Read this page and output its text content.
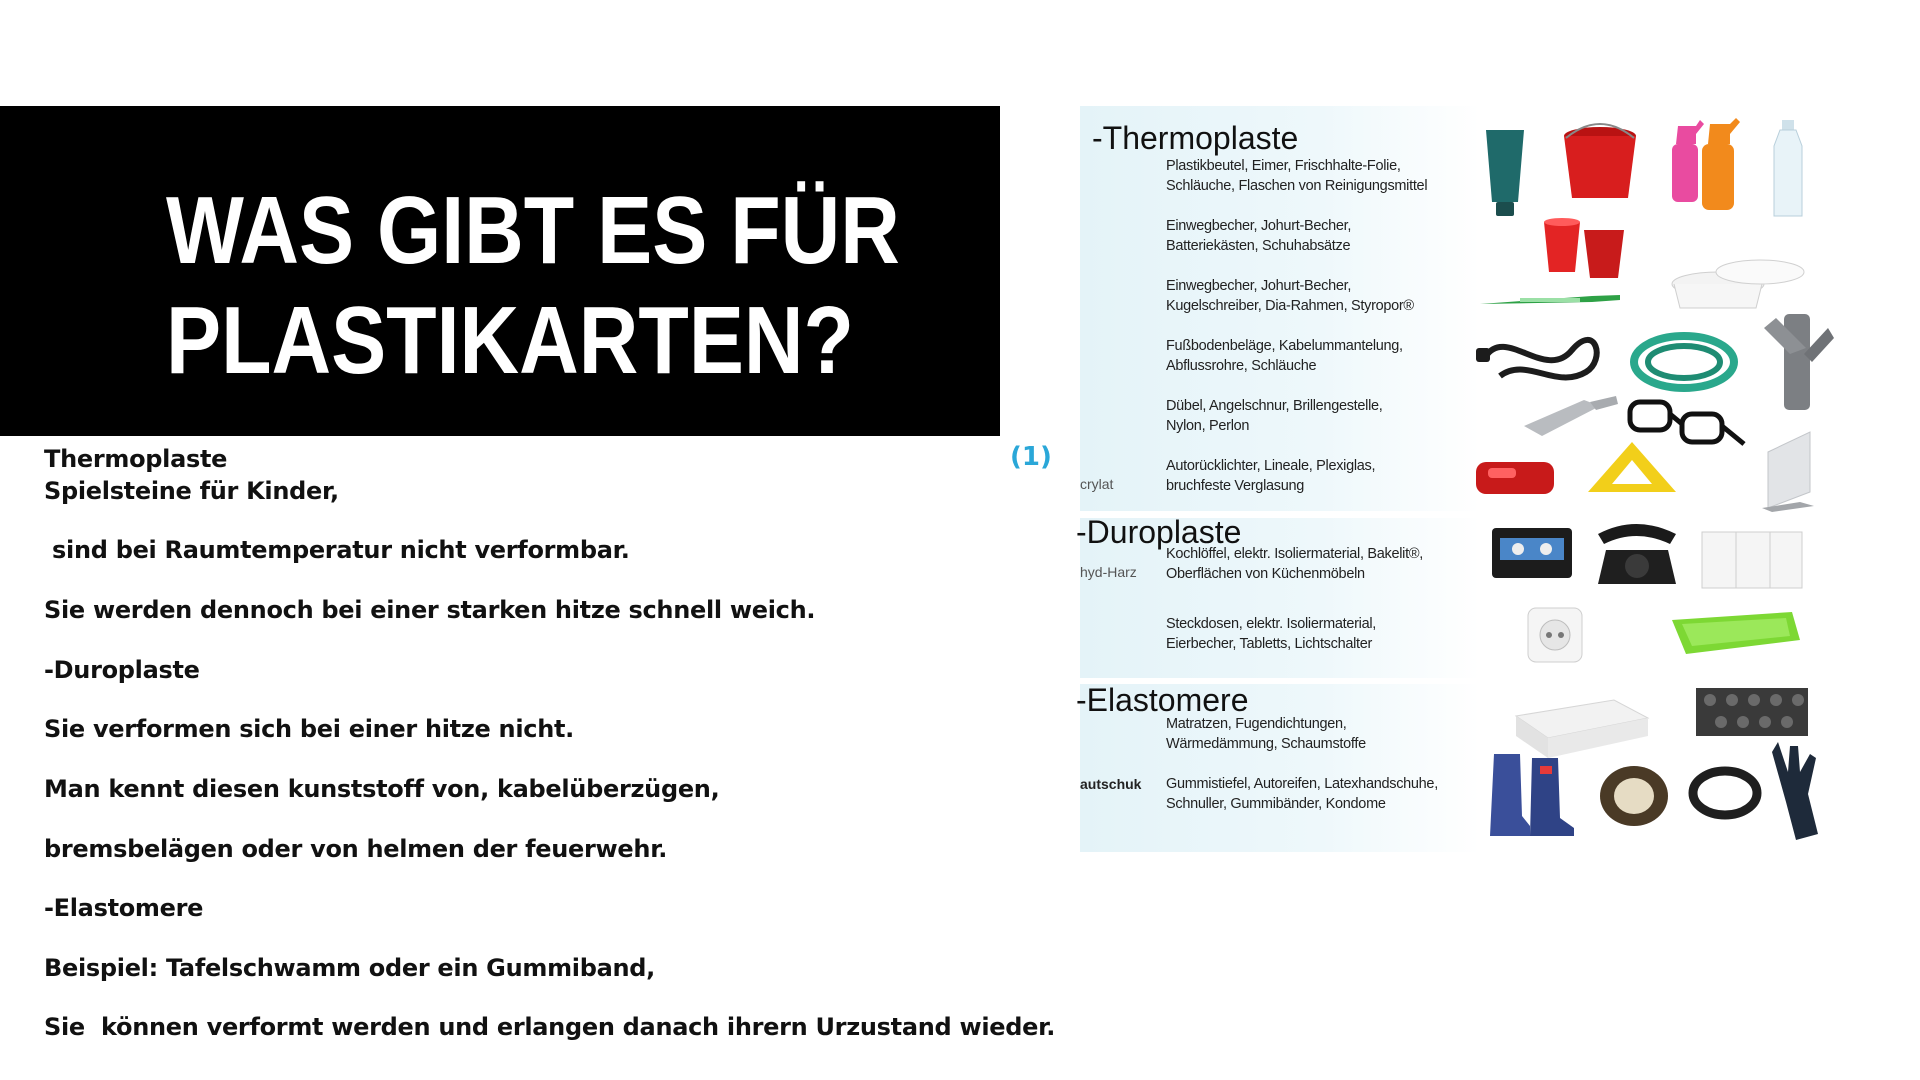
WAS GIBT ES FÜR
PLASTIKARTEN?

Thermoplaste

Spielsteine für Kinder,

sind bei Raumtemperatur nicht verformbar.

Sie werden dennoch bei einer starken hitze schnell weich.

-Duroplaste

Sie verformen sich bei einer hitze nicht.

Man kennt diesen kunststoff von, kabelüberzügen,

bremsbelägen oder von helmen der feuerwehr.

-Elastomere

Beispiel: Tafelschwamm oder ein Gummiband,

Sie  können verformt werden und erlangen danach ihrern Urzustand wieder.

(1)
-Thermoplaste
Plastikbeutel, Eimer, Frischhalte-Folie,
Schläuche, Flaschen von Reinigungsmittel
Einwegbecher, Johurt-Becher,
Batteriekästen, Schuhabsätze
Einwegbecher, Johurt-Becher,
Kugelschreiber, Dia-Rahmen, Styropor®
Fußbodenbeläge, Kabelummantelung,
Abflussrohre, Schläuche
Dübel, Angelschnur, Brillengestelle,
Nylon, Perlon
Autorücklichter, Lineale, Plexiglas,
bruchfeste Verglasung
crylat
-Duroplaste
Kochlöffel, elektr. Isoliermaterial, Bakelit®,
Oberflächen von Küchenmöbeln
hyd-Harz
Steckdosen, elektr. Isoliermaterial,
Eierbecher, Tabletts, Lichtschalter
-Elastomere
Matratzen, Fugendichtungen,
Wärmedämmung, Schaumstoffe
Gummistiefel, Autoreifen, Latexhandschuhe,
Schnuller, Gummibänder, Kondome
autschuk
